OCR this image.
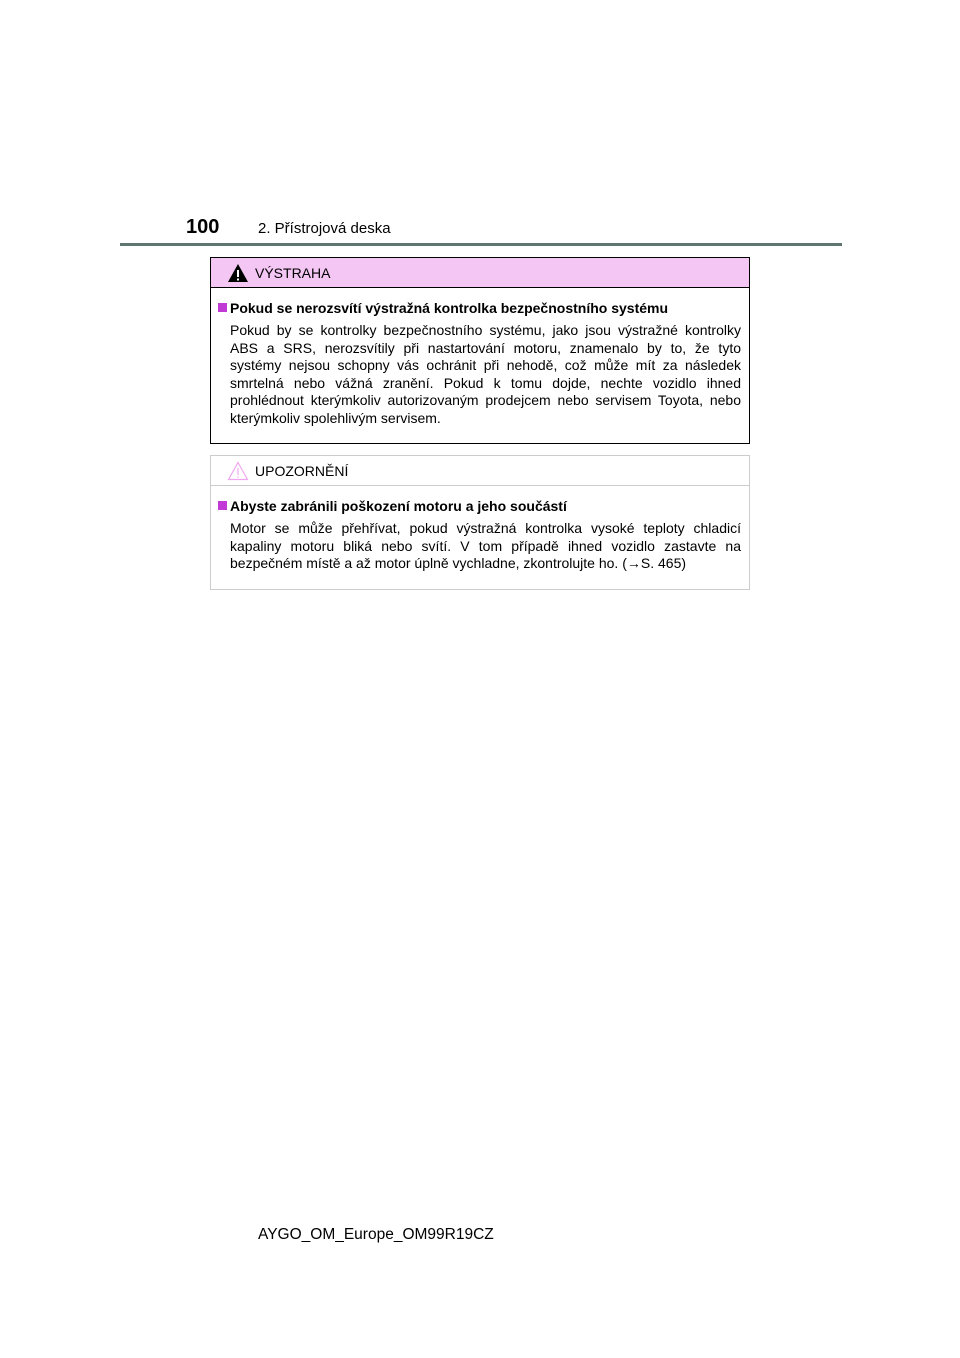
100	2. Přístrojová deska
VÝSTRAHA
Pokud se nerozsvítí výstražná kontrolka bezpečnostního systému
Pokud by se kontrolky bezpečnostního systému, jako jsou výstražné kontrolky ABS a SRS, nerozsvítily při nastartování motoru, znamenalo by to, že tyto systémy nejsou schopny vás ochránit při nehodě, což může mít za následek smrtelná nebo vážná zranění. Pokud k tomu dojde, nechte vozidlo ihned prohlédnout kterýmkoliv autorizovaným prodejcem nebo servisem Toyota, nebo kterýmkoliv spolehlivým servisem.
UPOZORNĚNÍ
Abyste zabránili poškození motoru a jeho součástí
Motor se může přehřívat, pokud výstražná kontrolka vysoké teploty chladicí kapaliny motoru bliká nebo svítí. V tom případě ihned vozidlo zastavte na bezpečném místě a až motor úplně vychladne, zkontrolujte ho. (→S. 465)
AYGO_OM_Europe_OM99R19CZ
